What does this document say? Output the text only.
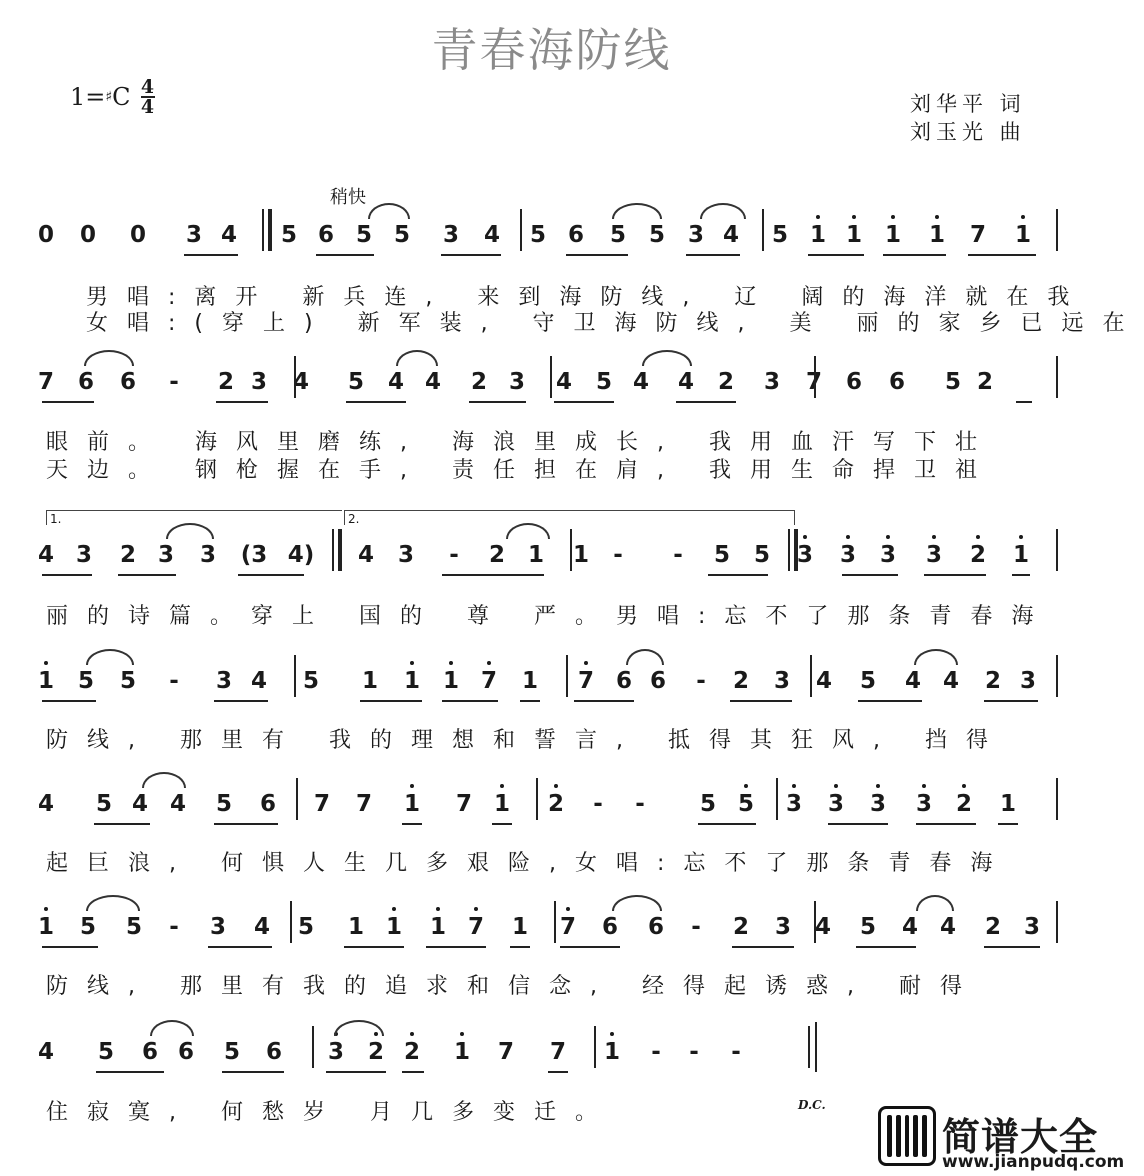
青春海防线
1= ♯ C 4
4	刘华平 词
刘玉光 曲
稍快
0 0 0 3 4 5 6 5 5 3 4 5 6 5 5 3 4 5 1 1 1 1 7 1
7 6 6 - 2 3 4 5 4 4 2 3 4 5 4 4 2 3 7 6 6 5 2
4 3 2 3 3 (3 4) 4 3 - 2 1 1 - - 5 5 3 3 3 3 2 1
1 5 5 - 3 4 5 1 1 1 7 1 7 6 6 - 2 3 4 5 4 4 2 3
4 5 4 4 5 6 7 7 1 7 1 2 - - 5 5 3 3 3 3 2 1
1 5 5 - 3 4 5 1 1 1 7 1 7 6 6 - 2 3 4 5 4 4 2 3
4 5 6 6 5 6 3 2 2 1 7 7 1 - - -
1.	2.
男唱:离开 新兵连, 来到海防线, 辽 阔的海洋就在我
女唱:(穿上) 新军装, 守卫海防线, 美 丽的家乡已远在
眼前。 海风里磨练, 海浪里成长, 我用血汗写下壮
天边。 钢枪握在手, 责任担在肩, 我用生命捍卫祖
丽的诗篇。穿上 国的 尊 严。男唱:忘不了那条青春海
防线, 那里有 我的理想和誓言, 抵得其狂风, 挡得
起巨浪, 何惧人生几多艰险,女唱:忘不了那条青春海
防线, 那里有我的追求和信念, 经得起诱惑, 耐得
住寂寞, 何愁岁 月几多变迁。	D.C.
简谱大全
www.jianpudq.com
